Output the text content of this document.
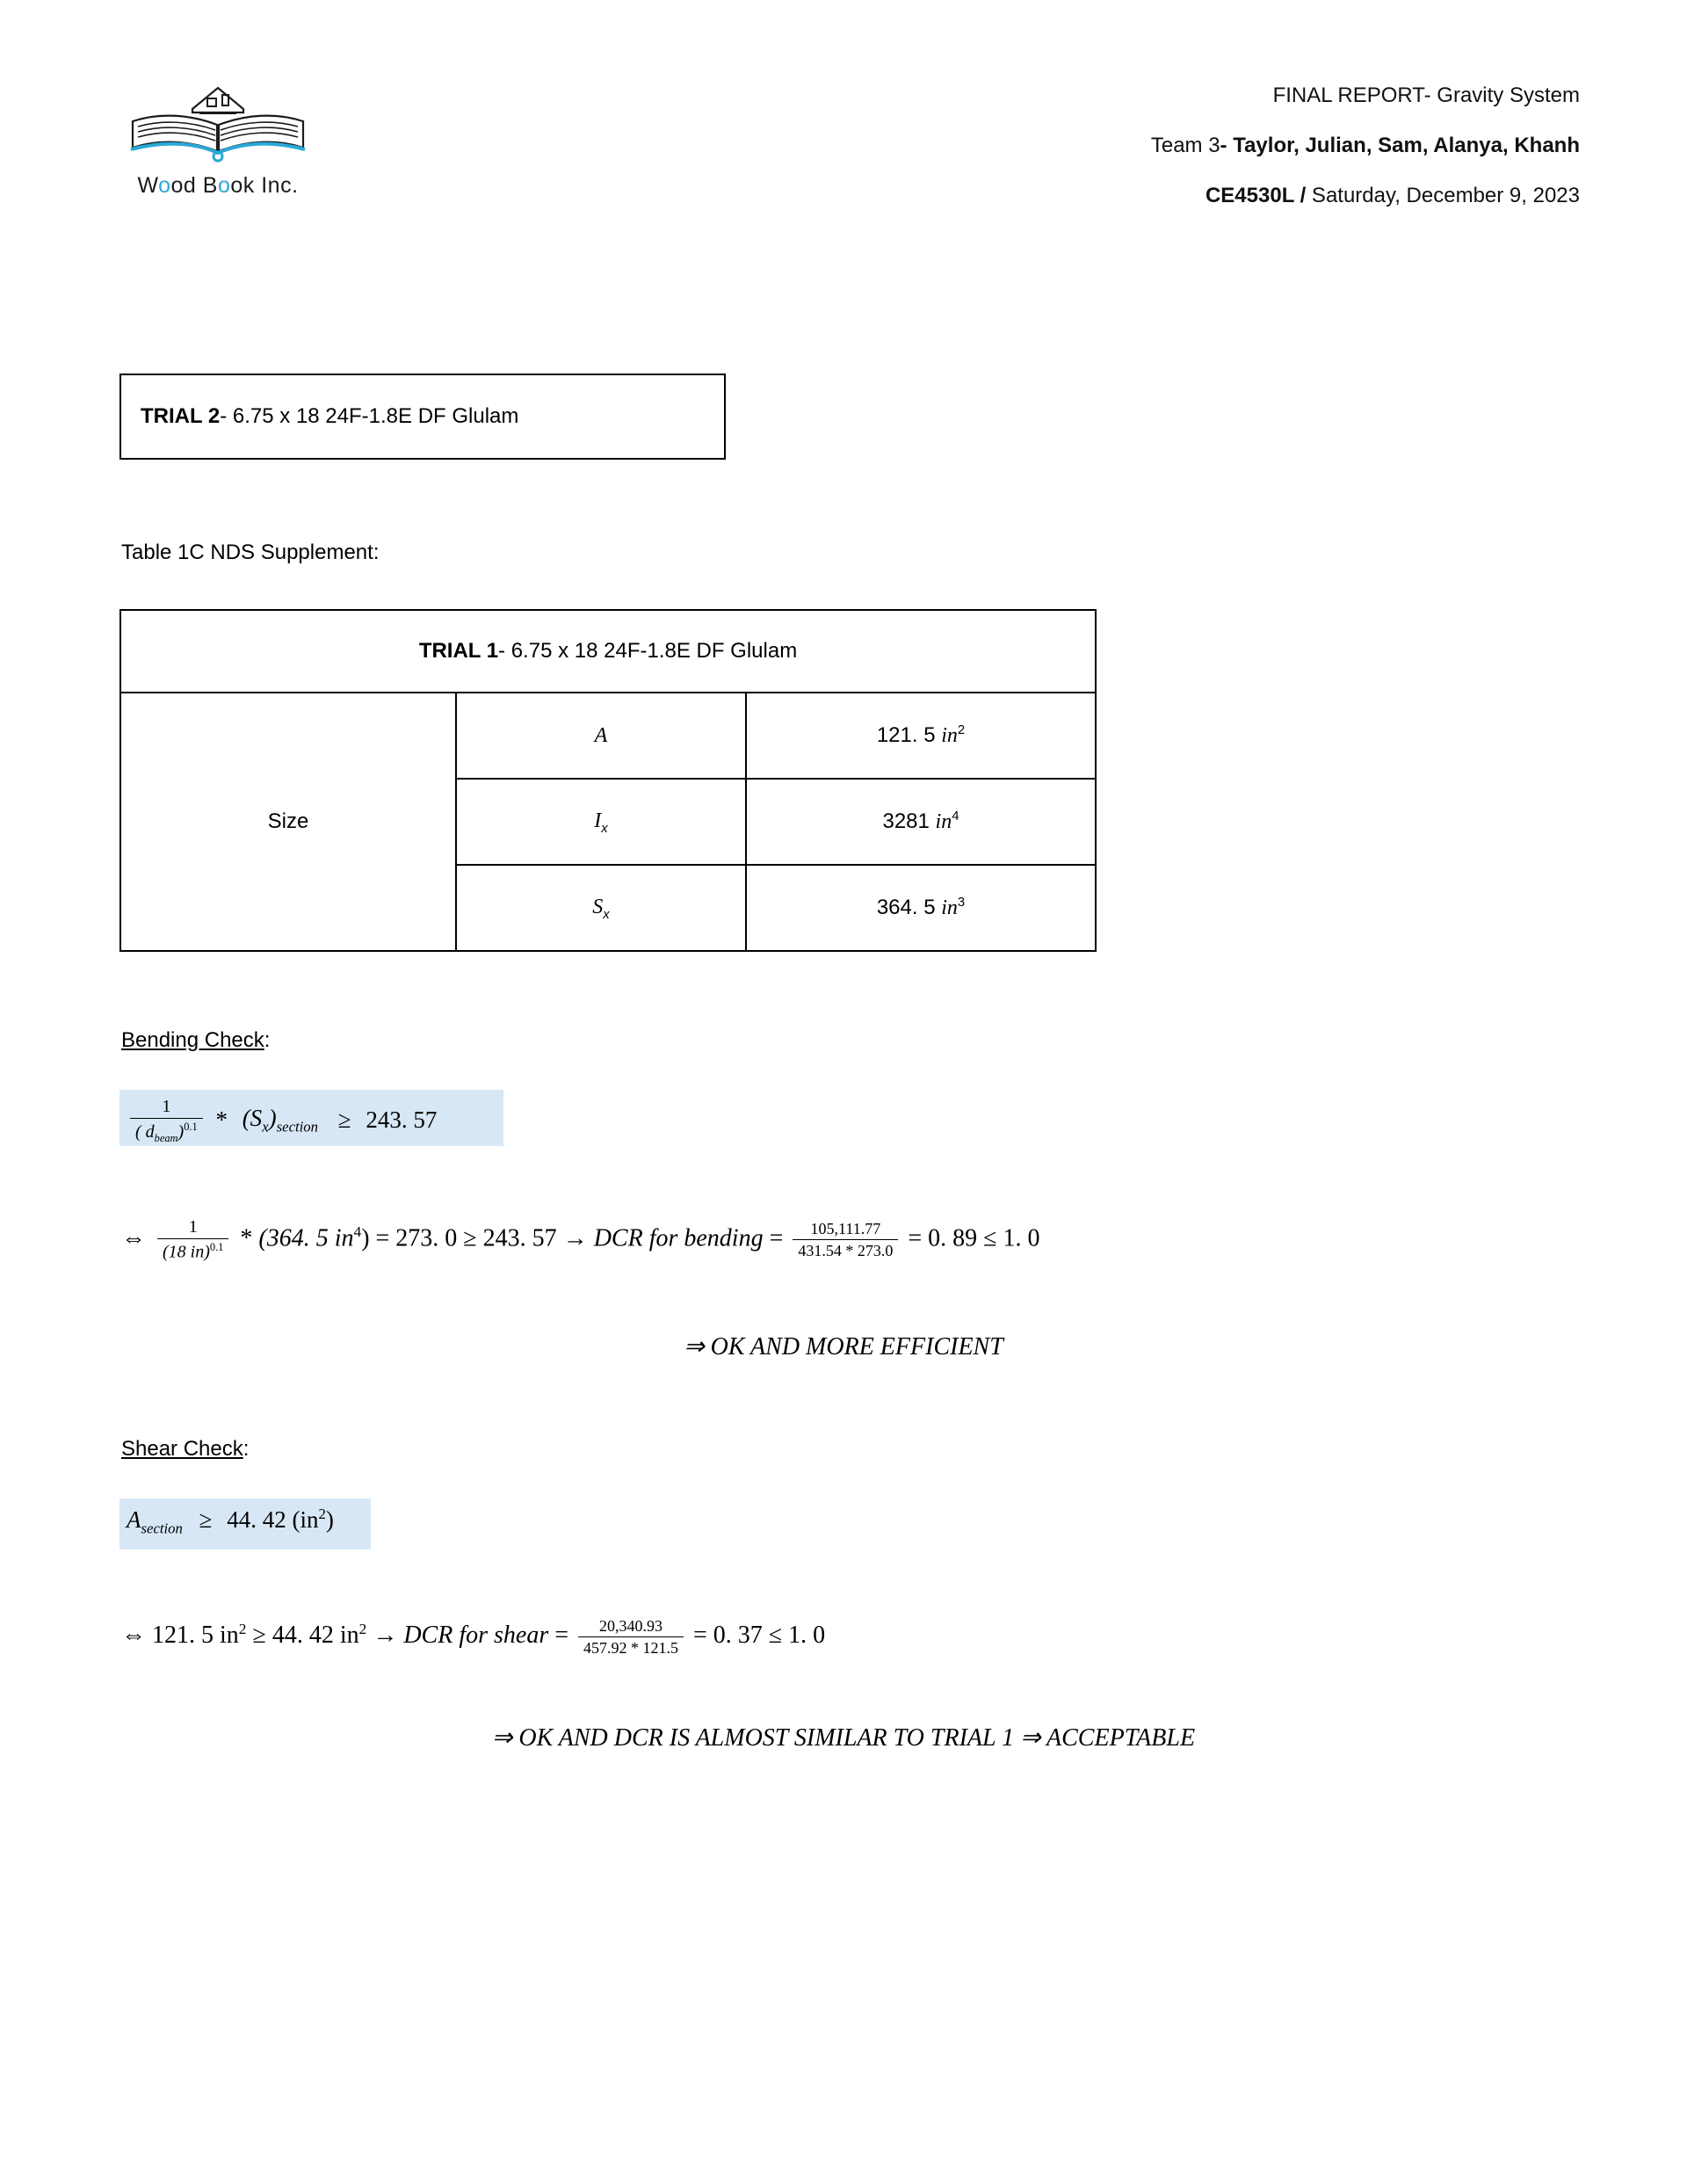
Wood Book Inc.
FINAL REPORT- Gravity System
Team 3- Taylor, Julian, Sam, Alanya, Khanh
CE4530L / Saturday, December 9, 2023
TRIAL 2- 6.75 x 18 24F-1.8E DF Glulam
Table 1C NDS Supplement:
TRIAL 1- 6.75 x 18 24F-1.8E DF Glulam		
Size	A	121. 5 $in^2$
	$I_x$	3281 $in^4$
	$S_x$	364. 5 $in^3$
Bending Check:
$\frac{1}{( d_{beam})^{0.1}} * (S_x)_{section} \ge 243$. 57
⇔ $\frac{1}{(18 in)^{0.1}} * (364$. 5 $in^4) = 273$. 0 ≥ 243. 57 → DCR for bending = $\frac{105,111.77}{431.54 * 273.0} = 0$. 89 ≤ 1. 0
⇒ OK AND MORE EFFICIENT
Shear Check:
$A_{section} \ge 44$. 42 $(in^2)$
⇔ 121. 5 $in^2 \ge 44$. 42 $in^2$ → DCR for shear = $\frac{20,340.93}{457.92 * 121.5} = 0$. 37 ≤ 1. 0
⇒ OK AND DCR IS ALMOST SIMILAR TO TRIAL 1 ⇒ ACCEPTABLE
